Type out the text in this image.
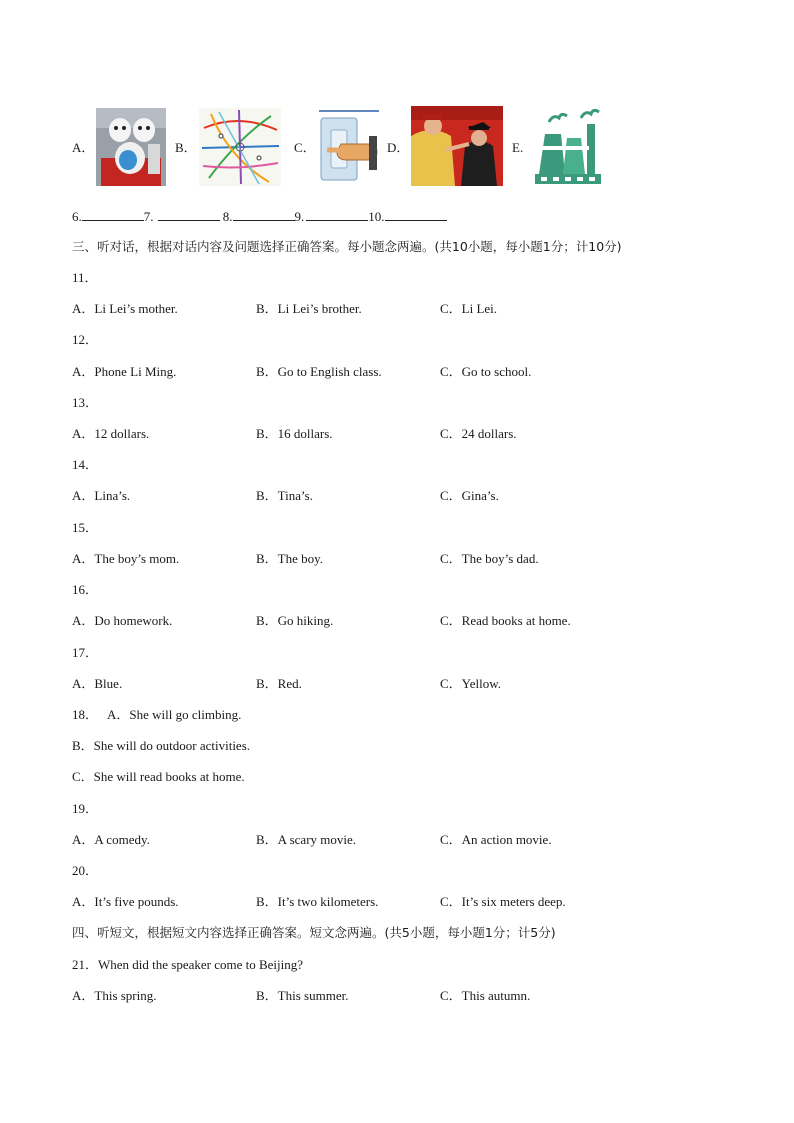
A．	B．	C．	D．	E.
6.	7.	8.	9.	10.
三、听对话，根据对话内容及问题选择正确答案。每小题念两遍。(共10小题，每小题1分；计10分)
11．
A．Li Lei’s mother.	B．Li Lei’s brother.	C．Li Lei.
12．
A．Phone Li Ming.	B．Go to English class.	C．Go to school.
13．
A．12 dollars.	B．16 dollars.	C．24 dollars.
14．
A．Lina’s.	B．Tina’s.	C．Gina’s.
15．
A．The boy’s mom.	B．The boy.	C．The boy’s dad.
16．
A．Do homework.	B．Go hiking.	C．Read books at home.
17．
A．Blue.	B．Red.	C．Yellow.
18．   A．She will go climbing.
B．She will do outdoor activities.
C．She will read books at home.
19．
A．A comedy.	B．A scary movie.	C．An action movie.
20．
A．It’s five pounds.	B．It’s two kilometers.	C．It’s six meters deep.
四、听短文，根据短文内容选择正确答案。短文念两遍。(共5小题，每小题1分；计5分)
21．When did the speaker come to Beijing?
A．This spring.	B．This summer.	C．This autumn.
